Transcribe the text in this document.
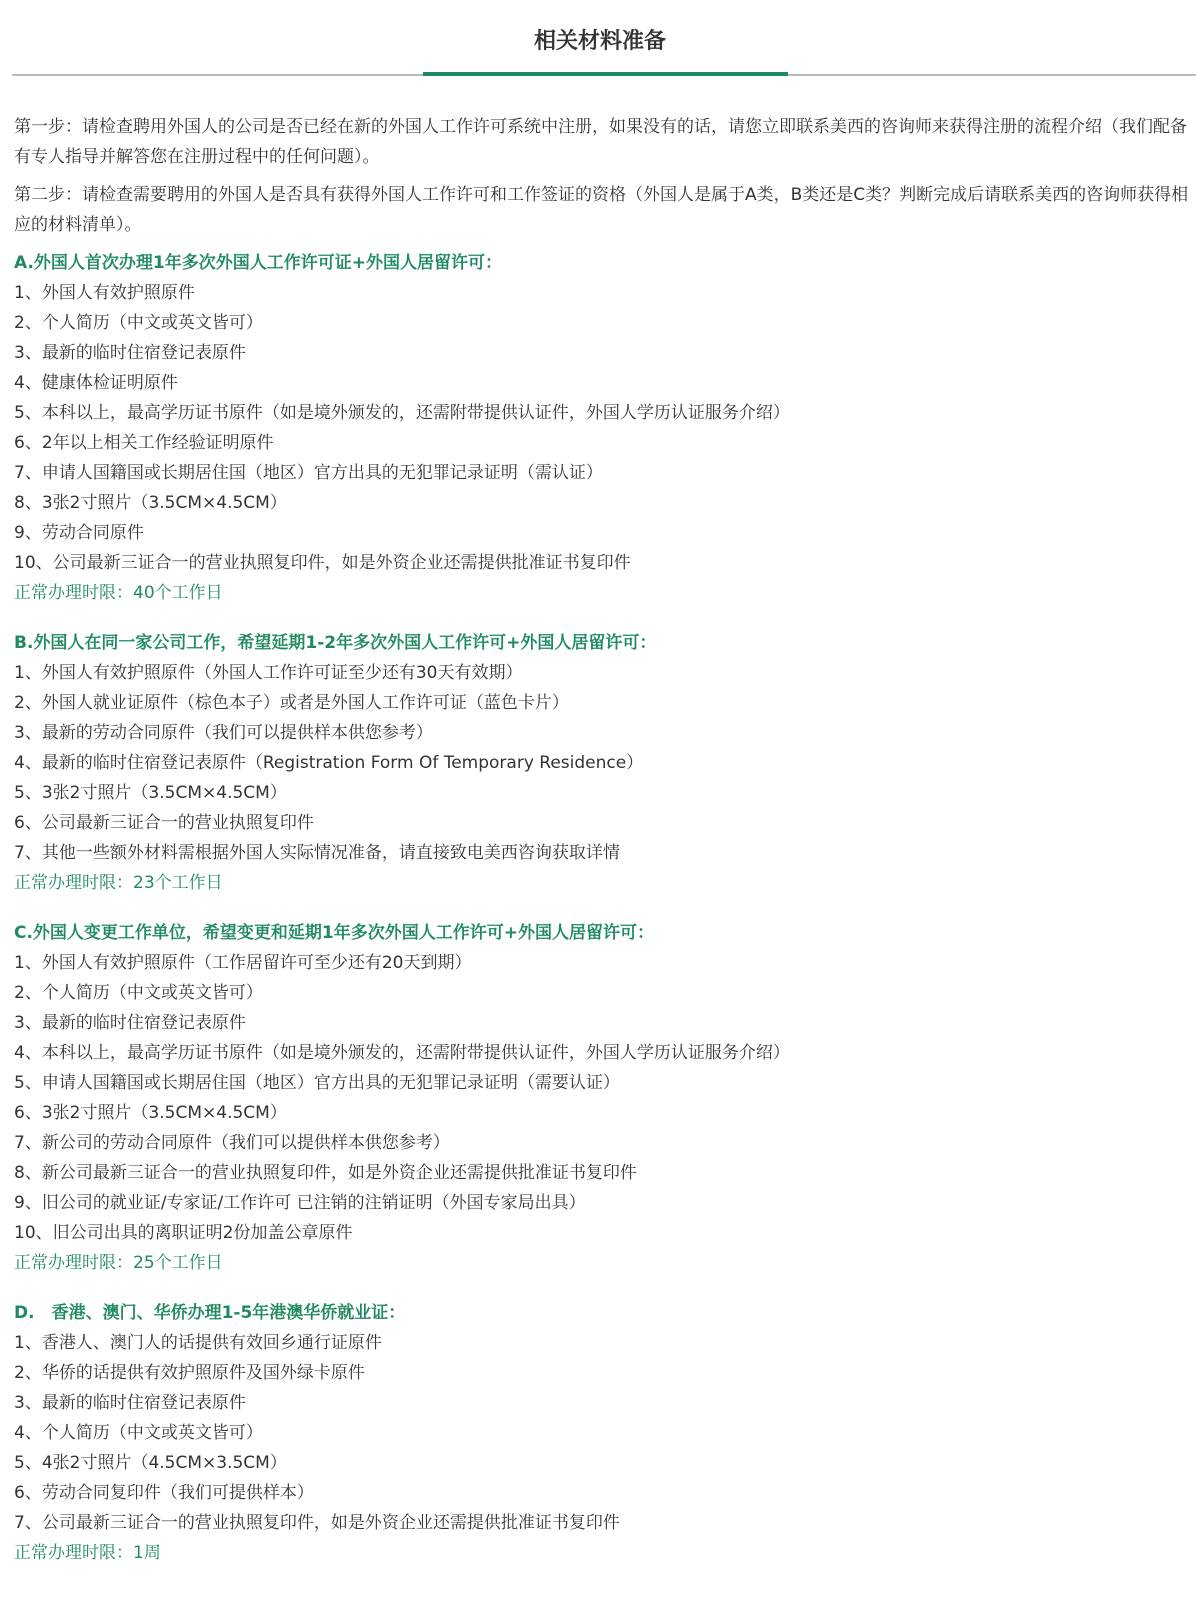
相关材料准备

第一步：请检查聘用外国人的公司是否已经在新的外国人工作许可系统中注册，如果没有的话，请您立即联系美西的咨询师来获得注册的流程介绍（我们配备有专人指导并解答您在注册过程中的任何问题）。

第二步：请检查需要聘用的外国人是否具有获得外国人工作许可和工作签证的资格（外国人是属于A类，B类还是C类？判断完成后请联系美西的咨询师获得相应的材料清单）。

A.外国人首次办理1年多次外国人工作许可证+外国人居留许可：

1、外国人有效护照原件

2、个人简历（中文或英文皆可）

3、最新的临时住宿登记表原件

4、健康体检证明原件

5、本科以上，最高学历证书原件（如是境外颁发的，还需附带提供认证件，外国人学历认证服务介绍）

6、2年以上相关工作经验证明原件

7、申请人国籍国或长期居住国（地区）官方出具的无犯罪记录证明（需认证）

8、3张2寸照片（3.5CM×4.5CM）

9、劳动合同原件

10、公司最新三证合一的营业执照复印件，如是外资企业还需提供批准证书复印件

正常办理时限：40个工作日

B.外国人在同一家公司工作，希望延期1-2年多次外国人工作许可+外国人居留许可：

1、外国人有效护照原件（外国人工作许可证至少还有30天有效期）

2、外国人就业证原件（棕色本子）或者是外国人工作许可证（蓝色卡片）

3、最新的劳动合同原件（我们可以提供样本供您参考）

4、最新的临时住宿登记表原件（Registration Form Of Temporary Residence）

5、3张2寸照片（3.5CM×4.5CM）

6、公司最新三证合一的营业执照复印件

7、其他一些额外材料需根据外国人实际情况准备，请直接致电美西咨询获取详情

正常办理时限：23个工作日

C.外国人变更工作单位，希望变更和延期1年多次外国人工作许可+外国人居留许可：

1、外国人有效护照原件（工作居留许可至少还有20天到期）

2、个人简历（中文或英文皆可）

3、最新的临时住宿登记表原件

4、本科以上，最高学历证书原件（如是境外颁发的，还需附带提供认证件，外国人学历认证服务介绍）

5、申请人国籍国或长期居住国（地区）官方出具的无犯罪记录证明（需要认证）

6、3张2寸照片（3.5CM×4.5CM）

7、新公司的劳动合同原件（我们可以提供样本供您参考）

8、新公司最新三证合一的营业执照复印件，如是外资企业还需提供批准证书复印件

9、旧公司的就业证/专家证/工作许可 已注销的注销证明（外国专家局出具）

10、旧公司出具的离职证明2份加盖公章原件

正常办理时限：25个工作日

D.　香港、澳门、华侨办理1-5年港澳华侨就业证：

1、香港人、澳门人的话提供有效回乡通行证原件

2、华侨的话提供有效护照原件及国外绿卡原件

3、最新的临时住宿登记表原件

4、个人简历（中文或英文皆可）

5、4张2寸照片（4.5CM×3.5CM）

6、劳动合同复印件（我们可提供样本）

7、公司最新三证合一的营业执照复印件，如是外资企业还需提供批准证书复印件

正常办理时限：1周
